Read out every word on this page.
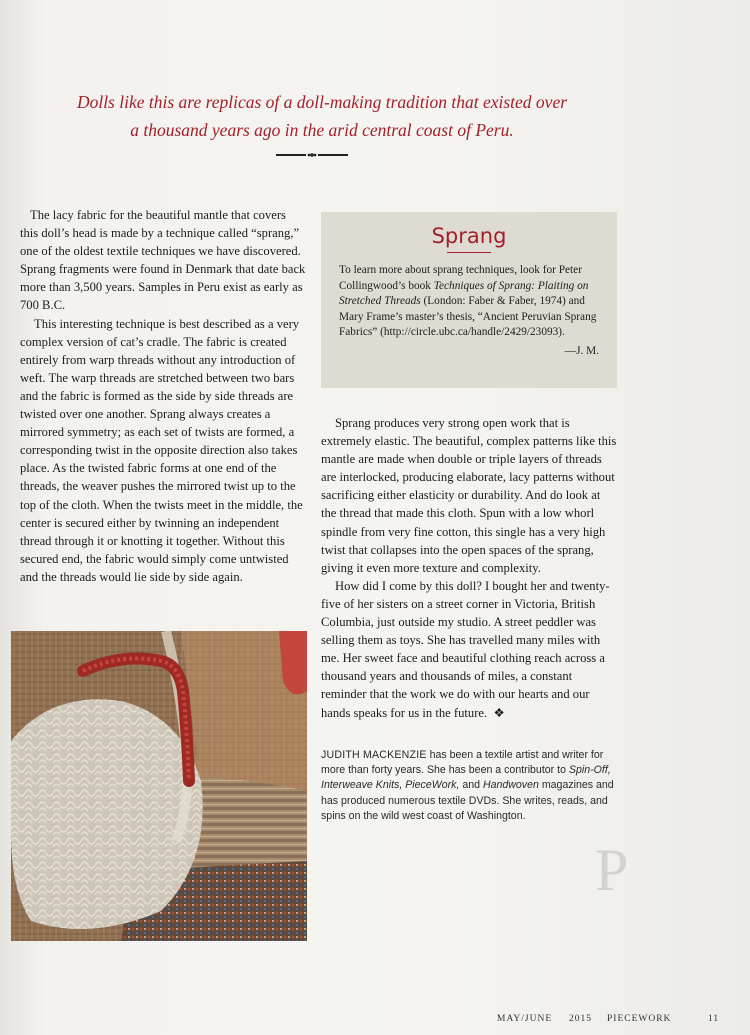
Dolls like this are replicas of a doll-making tradition that existed over
a thousand years ago in the arid central coast of Peru.

The lacy fabric for the beautiful mantle that covers this doll’s head is made by a technique called “sprang,” one of the oldest textile techniques we have discovered. Sprang fragments were found in Denmark that date back more than 3,500 years. Samples in Peru exist as early as 700 B.C.

This interesting technique is best described as a very complex version of cat’s cradle. The fabric is created entirely from warp threads without any introduction of weft. The warp threads are stretched between two bars and the fabric is formed as the side by side threads are twisted over one another. Sprang always creates a mirrored symmetry; as each set of twists are formed, a corresponding twist in the opposite direction also takes place. As the twisted fabric forms at one end of the threads, the weaver pushes the mirrored twist up to the top of the cloth. When the twists meet in the middle, the center is secured either by twinning an independent thread through it or knotting it together. Without this secured end, the fabric would simply come untwisted and the threads would lie side by side again.

Sprang
To learn more about sprang techniques, look for Peter Collingwood’s book Techniques of Sprang: Plaiting on Stretched Threads (London: Faber & Faber, 1974) and Mary Frame’s master’s thesis, “Ancient Peruvian Sprang Fabrics” (http://circle.ubc.ca/handle/2429/23093).
—J. M.

Sprang produces very strong open work that is extremely elastic. The beautiful, complex patterns like this mantle are made when double or triple layers of threads are interlocked, producing elaborate, lacy patterns without sacrificing either elasticity or durability. And do look at the thread that made this cloth. Spun with a low whorl spindle from very fine cotton, this single has a very high twist that collapses into the open spaces of the sprang, giving it even more texture and complexity.

How did I come by this doll? I bought her and twenty-five of her sisters on a street corner in Victoria, British Columbia, just outside my studio. A street peddler was selling them as toys. She has travelled many miles with me. Her sweet face and beautiful clothing reach across a thousand years and thousands of miles, a constant reminder that the work we do with our hearts and our hands speaks for us in the future. ❖

JUDITH MACKENZIE has been a textile artist and writer for more than forty years. She has been a contributor to Spin-Off, Interweave Knits, PieceWork, and Handwoven magazines and has produced numerous textile DVDs. She writes, reads, and spins on the wild west coast of Washington.
P
MAY/JUNE 2015 PIECEWORK	11
